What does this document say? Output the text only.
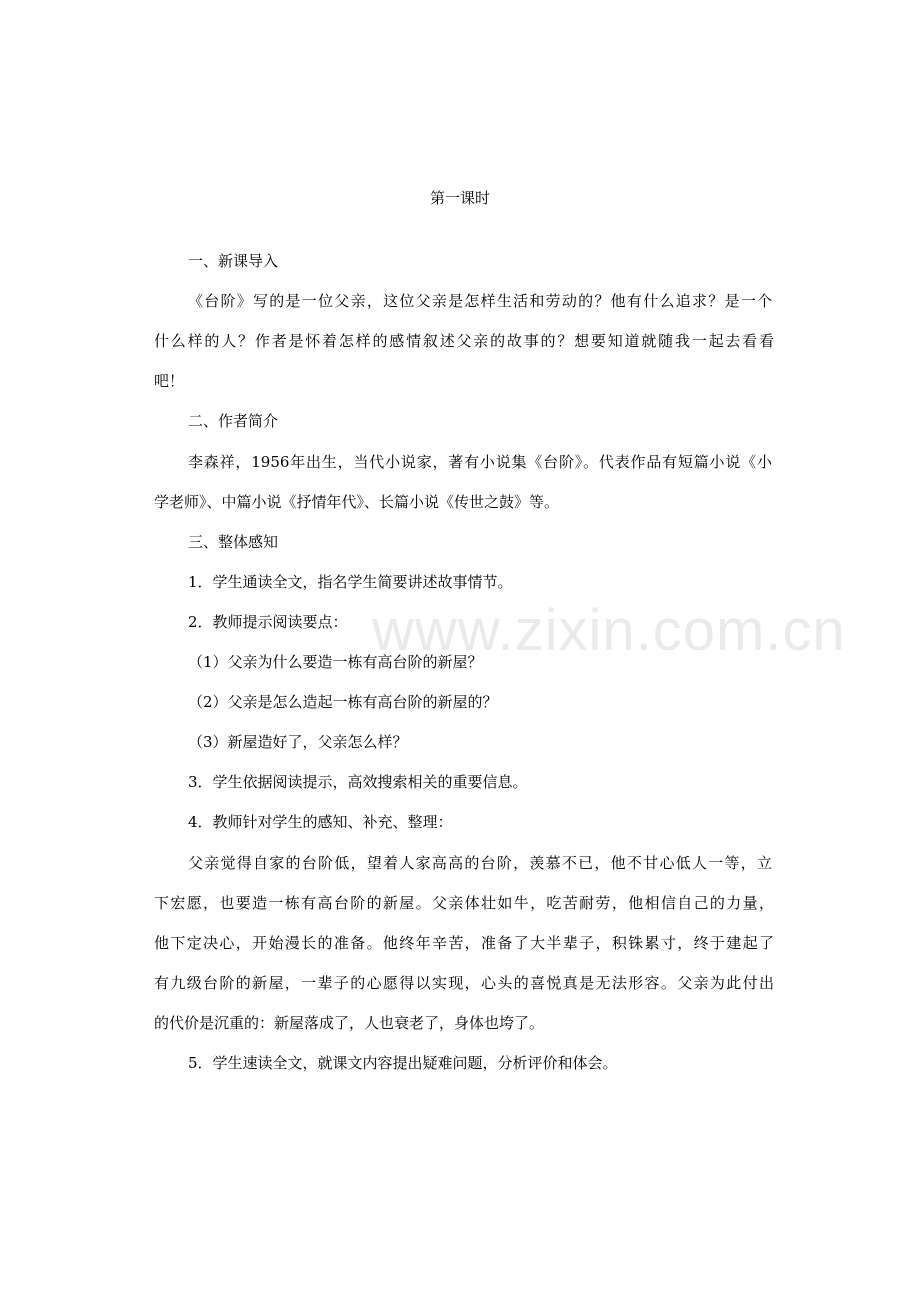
www.zixin.com.cn
第一课时
一、新课导入
《台阶》写的是一位父亲，这位父亲是怎样生活和劳动的？他有什么追求？是一个
什么样的人？作者是怀着怎样的感情叙述父亲的故事的？想要知道就随我一起去看看
吧！
二、作者简介
李森祥，1956年出生，当代小说家，著有小说集《台阶》。代表作品有短篇小说《小
学老师》、中篇小说《抒情年代》、长篇小说《传世之鼓》等。
三、整体感知
1．学生通读全文，指名学生简要讲述故事情节。
2．教师提示阅读要点：
（1）父亲为什么要造一栋有高台阶的新屋？
（2）父亲是怎么造起一栋有高台阶的新屋的？
（3）新屋造好了，父亲怎么样？
3．学生依据阅读提示，高效搜索相关的重要信息。
4．教师针对学生的感知、补充、整理：
父亲觉得自家的台阶低，望着人家高高的台阶，羡慕不已，他不甘心低人一等，立
下宏愿，也要造一栋有高台阶的新屋。父亲体壮如牛，吃苦耐劳，他相信自己的力量，
他下定决心，开始漫长的准备。他终年辛苦，准备了大半辈子，积铢累寸，终于建起了
有九级台阶的新屋，一辈子的心愿得以实现，心头的喜悦真是无法形容。父亲为此付出
的代价是沉重的：新屋落成了，人也衰老了，身体也垮了。
5．学生速读全文，就课文内容提出疑难问题，分析评价和体会。
